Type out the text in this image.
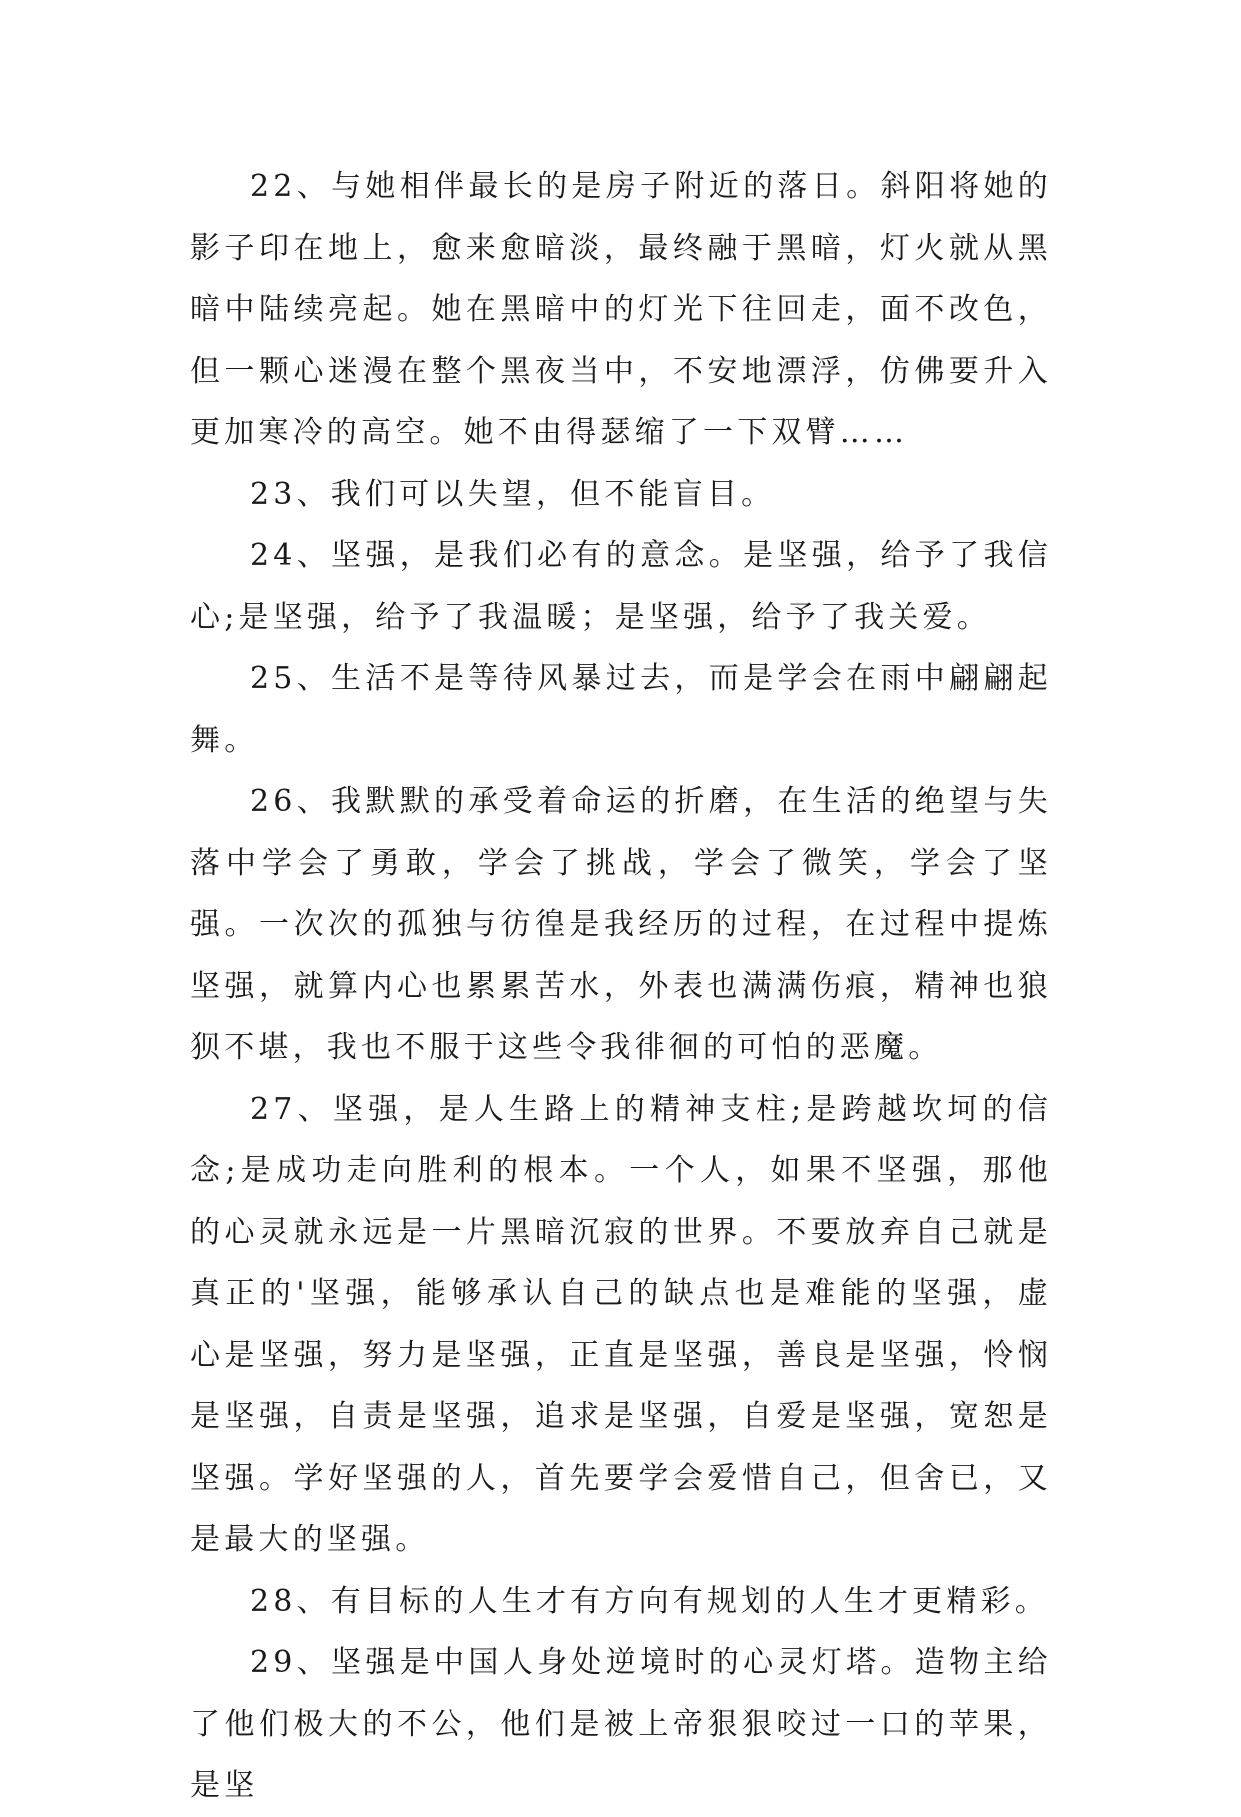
22、与她相伴最长的是房子附近的落日。斜阳将她的影子印在地上，愈来愈暗淡，最终融于黑暗，灯火就从黑暗中陆续亮起。她在黑暗中的灯光下往回走，面不改色，但一颗心迷漫在整个黑夜当中，不安地漂浮，仿佛要升入更加寒冷的高空。她不由得瑟缩了一下双臂……

23、我们可以失望，但不能盲目。

24、坚强，是我们必有的意念。是坚强，给予了我信心;是坚强，给予了我温暖；是坚强，给予了我关爱。

25、生活不是等待风暴过去，而是学会在雨中翩翩起舞。

26、我默默的承受着命运的折磨，在生活的绝望与失落中学会了勇敢，学会了挑战，学会了微笑，学会了坚强。一次次的孤独与彷徨是我经历的过程，在过程中提炼坚强，就算内心也累累苦水，外表也满满伤痕，精神也狼狈不堪，我也不服于这些令我徘徊的可怕的恶魔。

27、坚强，是人生路上的精神支柱;是跨越坎坷的信念;是成功走向胜利的根本。一个人，如果不坚强，那他的心灵就永远是一片黑暗沉寂的世界。不要放弃自己就是真正的'坚强，能够承认自己的缺点也是难能的坚强，虚心是坚强，努力是坚强，正直是坚强，善良是坚强，怜悯是坚强，自责是坚强，追求是坚强，自爱是坚强，宽恕是坚强。学好坚强的人，首先要学会爱惜自己，但舍已，又是最大的坚强。

28、有目标的人生才有方向有规划的人生才更精彩。

29、坚强是中国人身处逆境时的心灵灯塔。造物主给了他们极大的不公，他们是被上帝狠狠咬过一口的苹果，是坚
